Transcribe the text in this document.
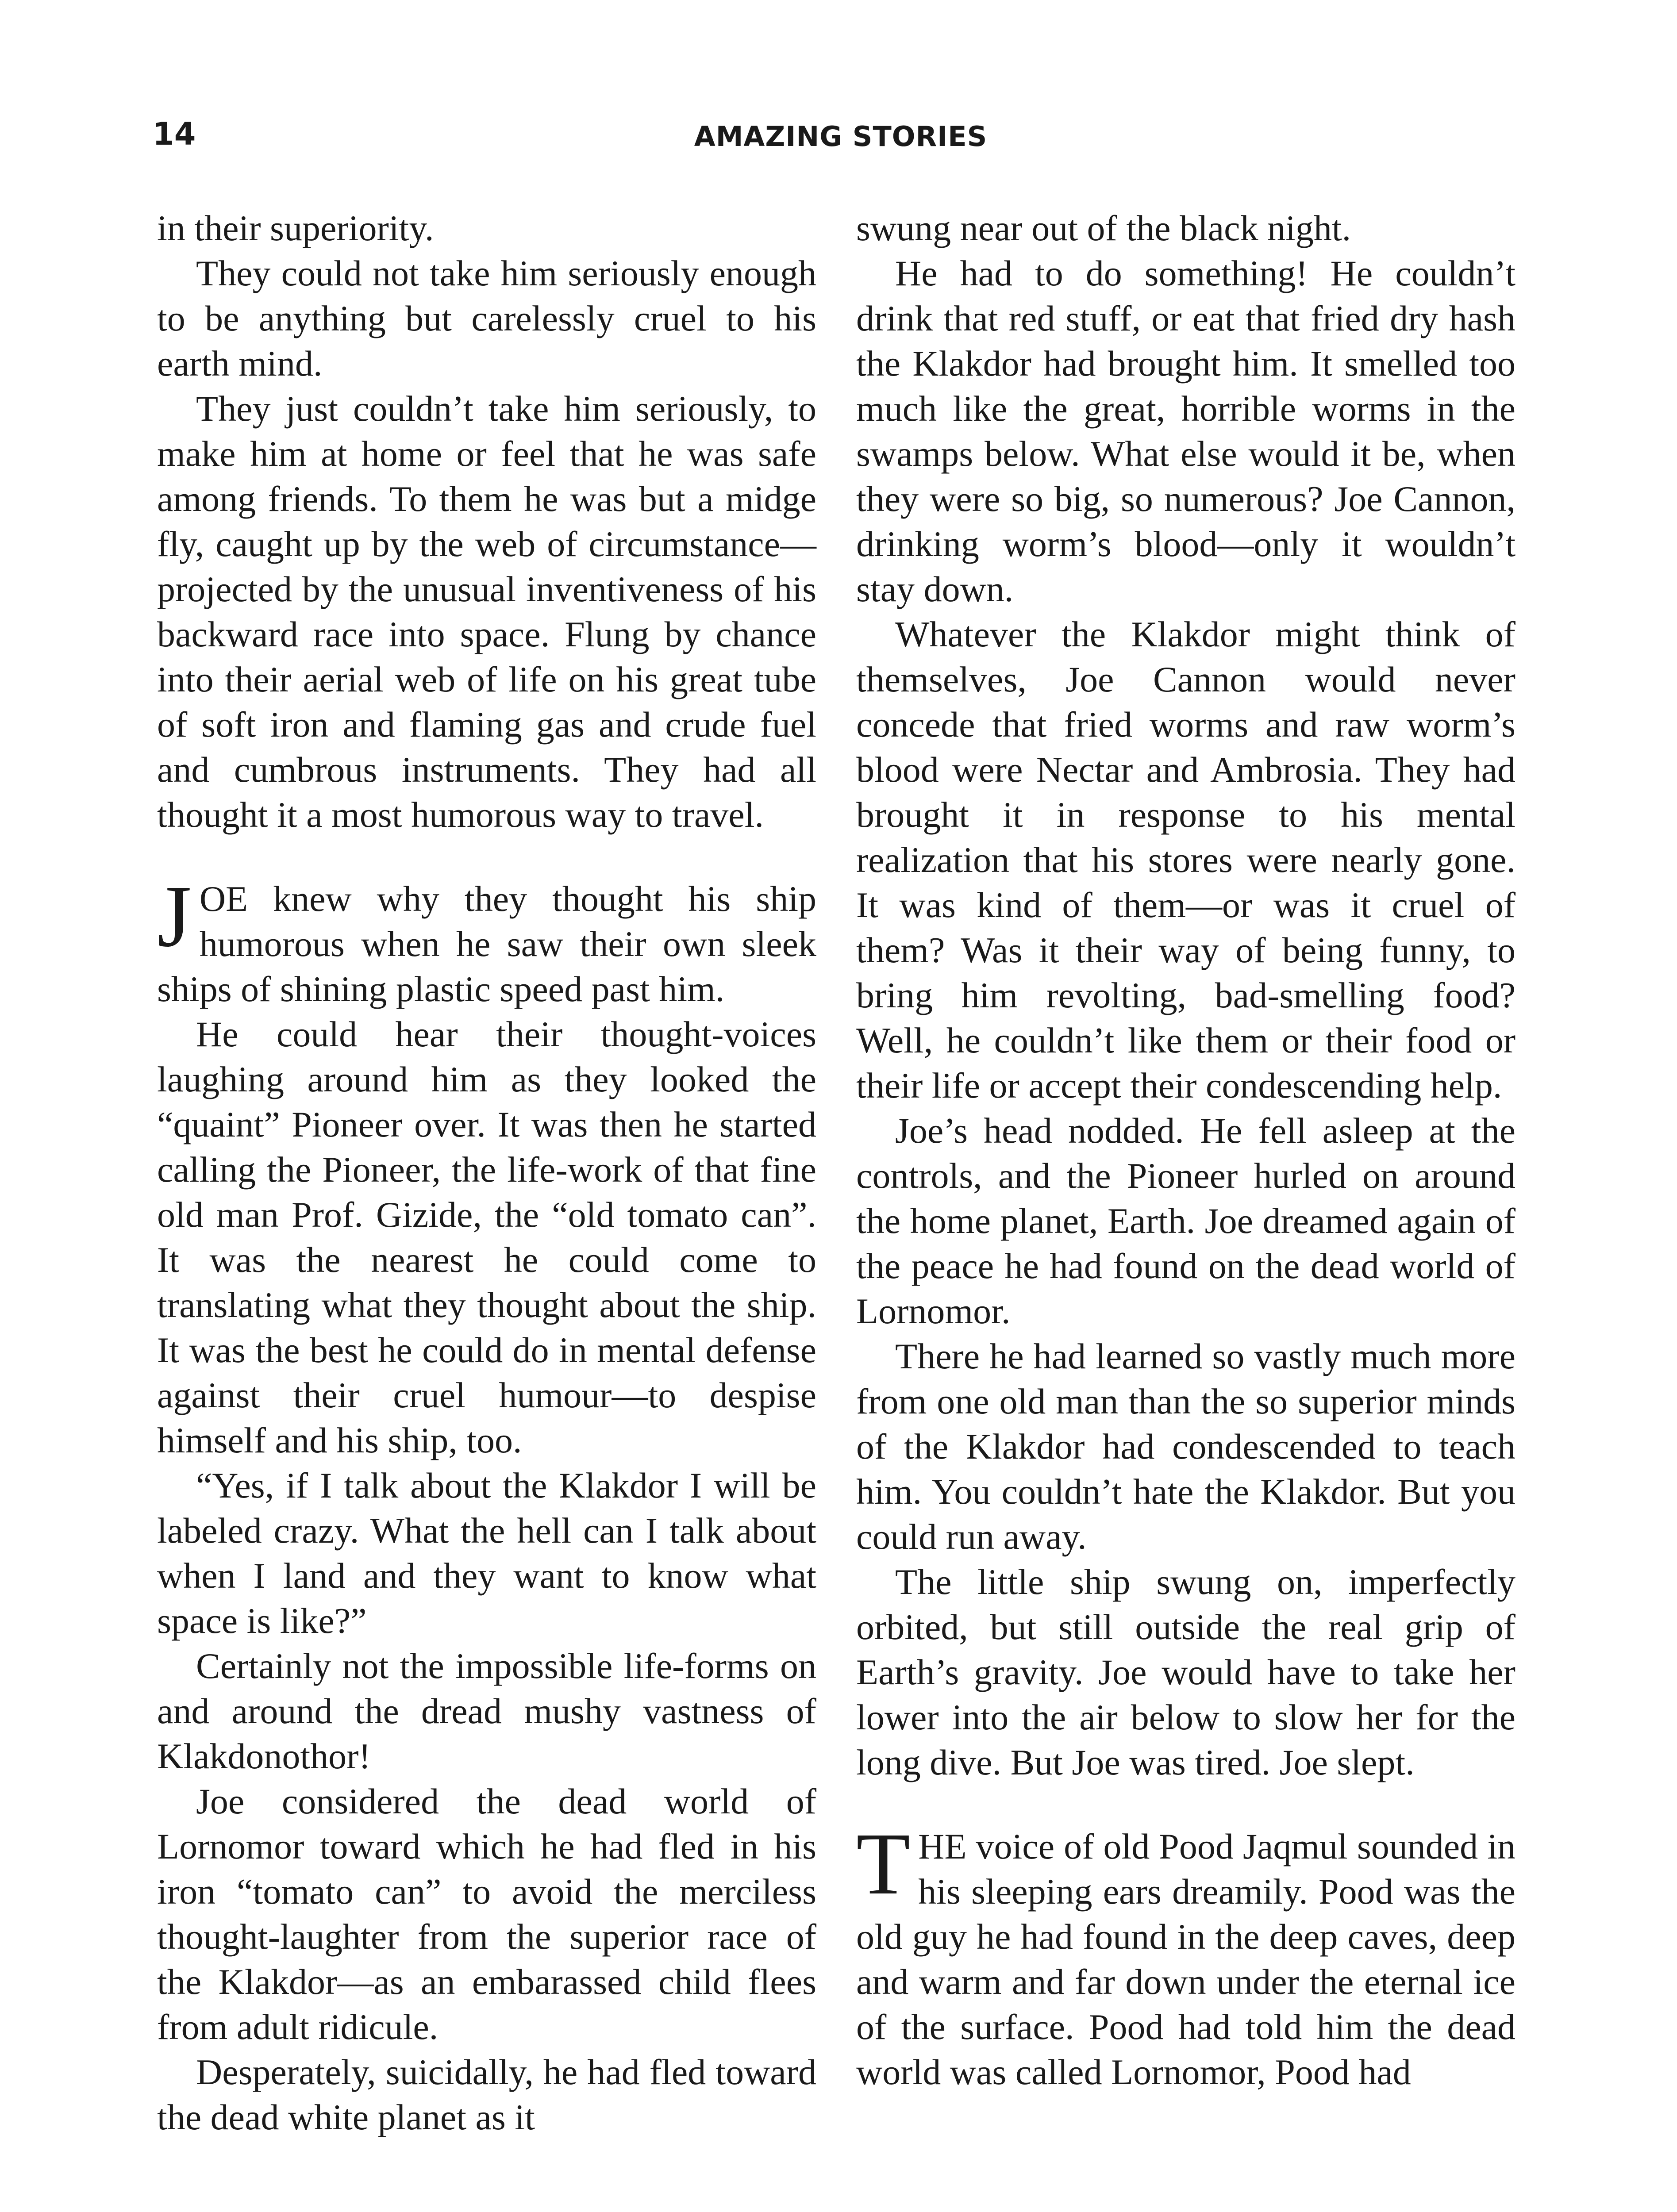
14	AMAZING STORIES

in their superiority.

They could not take him seriously enough to be anything but carelessly cruel to his earth mind.

They just couldn’t take him seriously, to make him at home or feel that he was safe among friends. To them he was but a midge fly, caught up by the web of circumstance—projected by the unusual inventiveness of his backward race into space. Flung by chance into their aerial web of life on his great tube of soft iron and flaming gas and crude fuel and cumbrous instruments. They had all thought it a most humorous way to travel.

JOE knew why they thought his ship humorous when he saw their own sleek ships of shining plastic speed past him.

He could hear their thought-voices laughing around him as they looked the “quaint” Pioneer over. It was then he started calling the Pioneer, the life-work of that fine old man Prof. Gizide, the “old tomato can”. It was the nearest he could come to translating what they thought about the ship. It was the best he could do in mental defense against their cruel humour—to despise himself and his ship, too.

“Yes, if I talk about the Klakdor I will be labeled crazy. What the hell can I talk about when I land and they want to know what space is like?”

Certainly not the impossible life-forms on and around the dread mushy vastness of Klakdonothor!

Joe considered the dead world of Lornomor toward which he had fled in his iron “tomato can” to avoid the merciless thought-laughter from the superior race of the Klakdor—as an embarassed child flees from adult ridicule.

Desperately, suicidally, he had fled toward the dead white planet as it

swung near out of the black night.

He had to do something! He couldn’t drink that red stuff, or eat that fried dry hash the Klakdor had brought him. It smelled too much like the great, horrible worms in the swamps below. What else would it be, when they were so big, so numerous? Joe Cannon, drinking worm’s blood—only it wouldn’t stay down.

Whatever the Klakdor might think of themselves, Joe Cannon would never concede that fried worms and raw worm’s blood were Nectar and Ambrosia. They had brought it in response to his mental realization that his stores were nearly gone. It was kind of them—or was it cruel of them? Was it their way of being funny, to bring him revolting, bad-smelling food? Well, he couldn’t like them or their food or their life or accept their condescending help.

Joe’s head nodded. He fell asleep at the controls, and the Pioneer hurled on around the home planet, Earth. Joe dreamed again of the peace he had found on the dead world of Lornomor.

There he had learned so vastly much more from one old man than the so superior minds of the Klakdor had condescended to teach him. You couldn’t hate the Klakdor. But you could run away.

The little ship swung on, imperfectly orbited, but still outside the real grip of Earth’s gravity. Joe would have to take her lower into the air below to slow her for the long dive. But Joe was tired. Joe slept.

THE voice of old Pood Jaqmul sounded in his sleeping ears dreamily. Pood was the old guy he had found in the deep caves, deep and warm and far down under the eternal ice of the surface. Pood had told him the dead world was called Lornomor, Pood had
